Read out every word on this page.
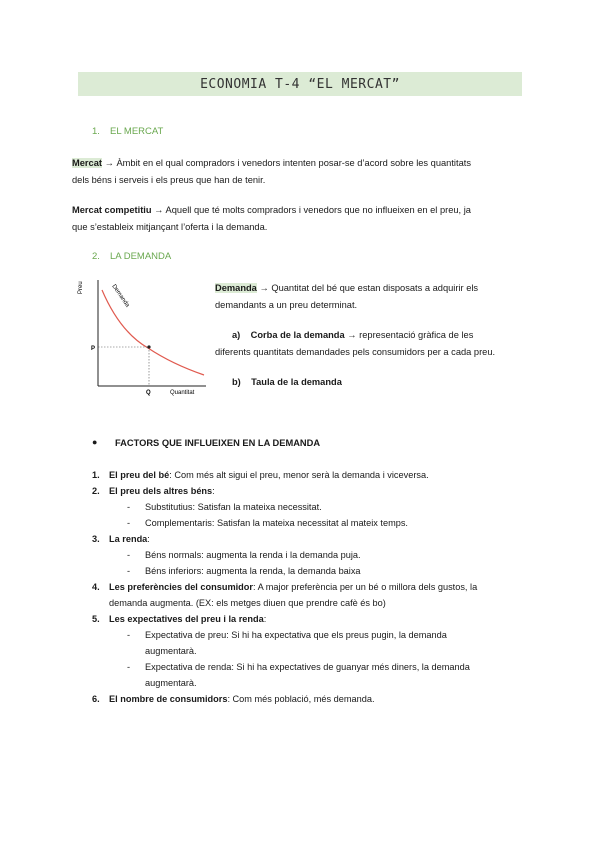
ECONOMIA T-4 “EL MERCAT”
1. EL MERCAT
Mercat → Àmbit en el qual compradors i venedors intenten posar-se d’acord sobre les quantitats
dels béns i serveis i els preus que han de tenir.
Mercat competitiu → Aquell que té molts compradors i venedors que no influeixen en el preu, ja
que s’estableix mitjançant l’oferta i la demanda.
2. LA DEMANDA
Preu
Quantitat
Demanda
P
Q
Demanda → Quantitat del bé que estan disposats a adquirir els
demandants a un preu determinat.
a) Corba de la demanda → representació gràfica de les
diferents quantitats demandades pels consumidors per a cada preu.
b) Taula de la demanda
● FACTORS QUE INFLUEIXEN EN LA DEMANDA
1.	El preu del bé: Com més alt sigui el preu, menor serà la demanda i viceversa.
2.	El preu dels altres béns:
-	Substitutius: Satisfan la mateixa necessitat.
-	Complementaris: Satisfan la mateixa necessitat al mateix temps.
3.	La renda:
-	Béns normals: augmenta la renda i la demanda puja.
-	Béns inferiors: augmenta la renda, la demanda baixa
4.	Les preferències del consumidor: A major preferència per un bé o millora dels gustos, la
demanda augmenta. (EX: els metges diuen que prendre cafè és bo)
5.	Les expectatives del preu i la renda:
-	Expectativa de preu: Si hi ha expectativa que els preus pugin, la demanda
augmentarà.
-	Expectativa de renda: Si hi ha expectatives de guanyar més diners, la demanda
augmentarà.
6.	El nombre de consumidors: Com més població, més demanda.
